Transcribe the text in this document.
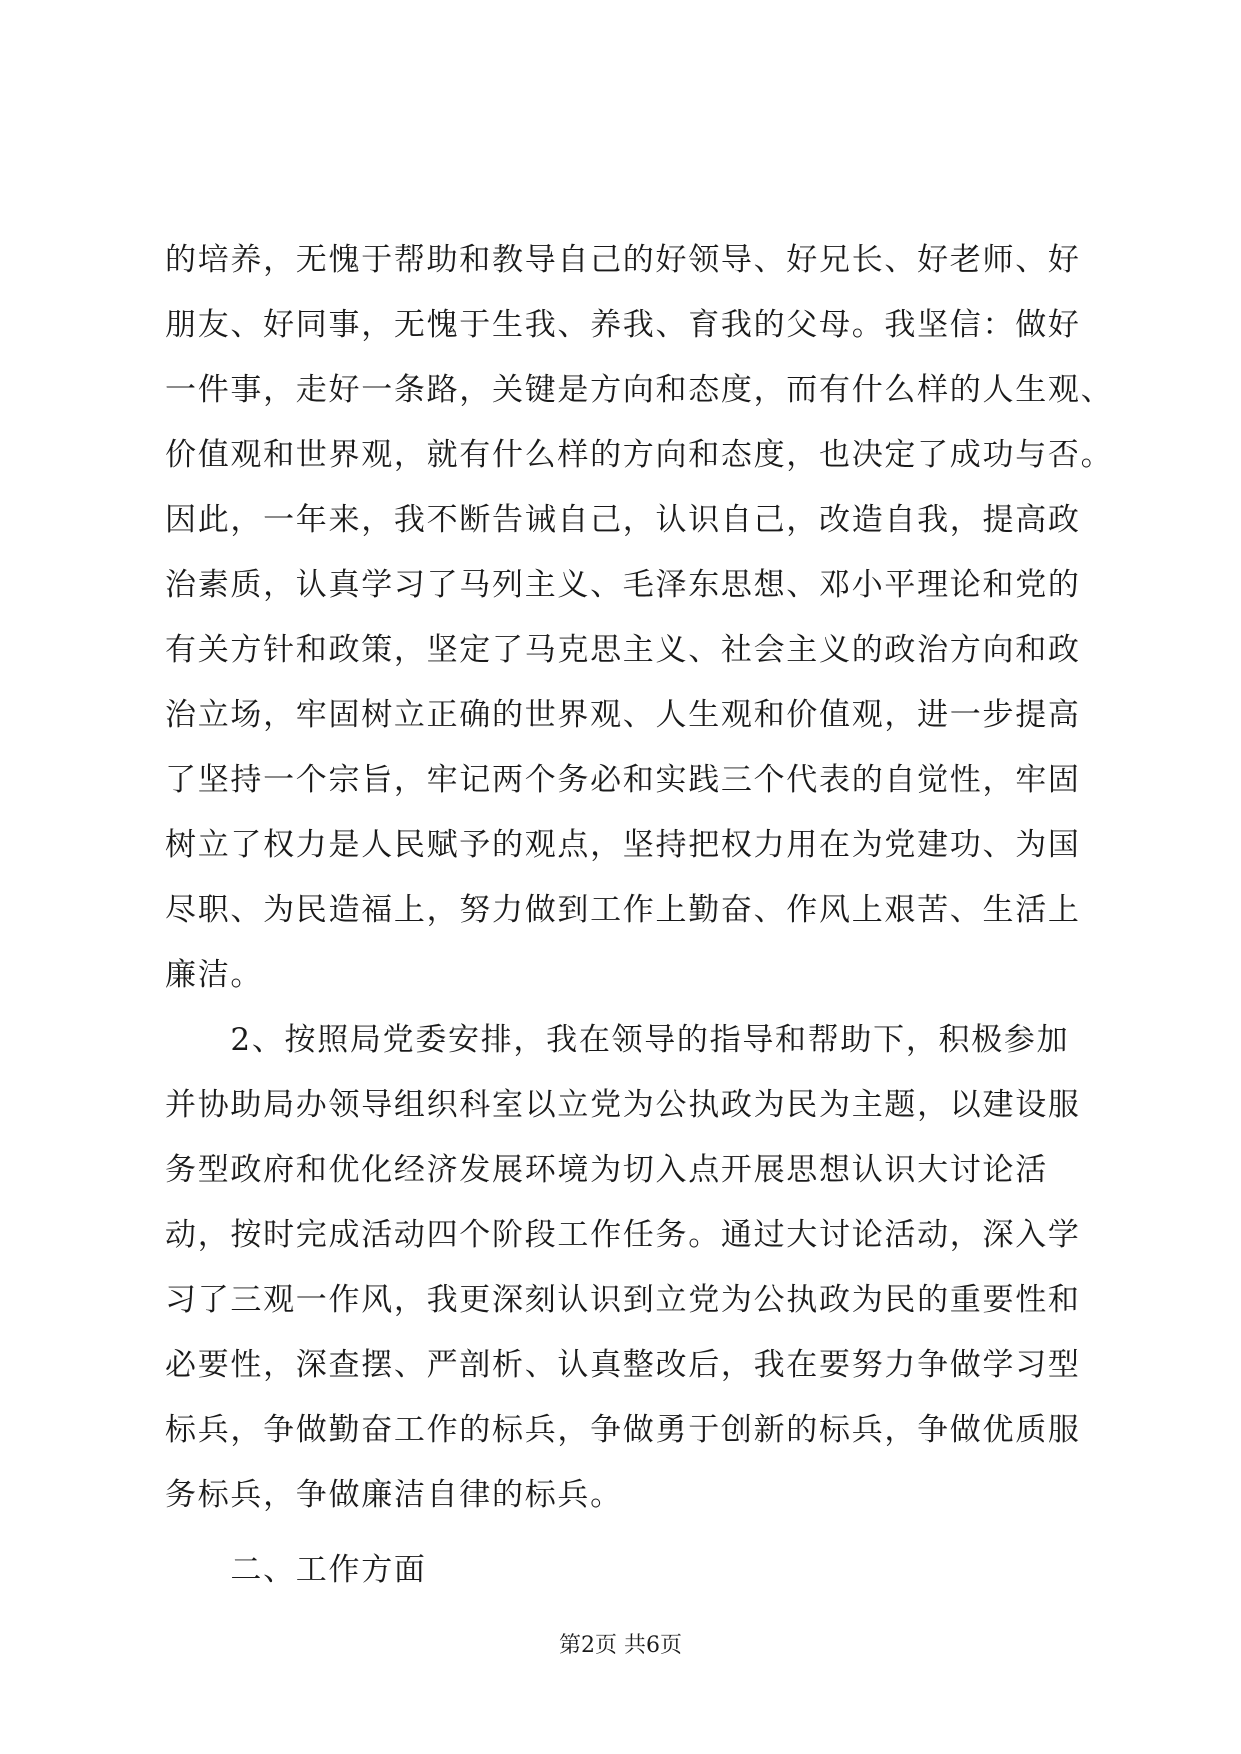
的培养，无愧于帮助和教导自己的好领导、好兄长、好老师、好
朋友、好同事，无愧于生我、养我、育我的父母。我坚信：做好
一件事，走好一条路，关键是方向和态度，而有什么样的人生观、
价值观和世界观，就有什么样的方向和态度，也决定了成功与否。
因此，一年来，我不断告诫自己，认识自己，改造自我，提高政
治素质，认真学习了马列主义、毛泽东思想、邓小平理论和党的
有关方针和政策，坚定了马克思主义、社会主义的政治方向和政
治立场，牢固树立正确的世界观、人生观和价值观，进一步提高
了坚持一个宗旨，牢记两个务必和实践三个代表的自觉性，牢固
树立了权力是人民赋予的观点，坚持把权力用在为党建功、为国
尽职、为民造福上，努力做到工作上勤奋、作风上艰苦、生活上
廉洁。
　　2、按照局党委安排，我在领导的指导和帮助下，积极参加
并协助局办领导组织科室以立党为公执政为民为主题，以建设服
务型政府和优化经济发展环境为切入点开展思想认识大讨论活
动，按时完成活动四个阶段工作任务。通过大讨论活动，深入学
习了三观一作风，我更深刻认识到立党为公执政为民的重要性和
必要性，深查摆、严剖析、认真整改后，我在要努力争做学习型
标兵，争做勤奋工作的标兵，争做勇于创新的标兵，争做优质服
务标兵，争做廉洁自律的标兵。
　　二、工作方面
第2页 共6页
